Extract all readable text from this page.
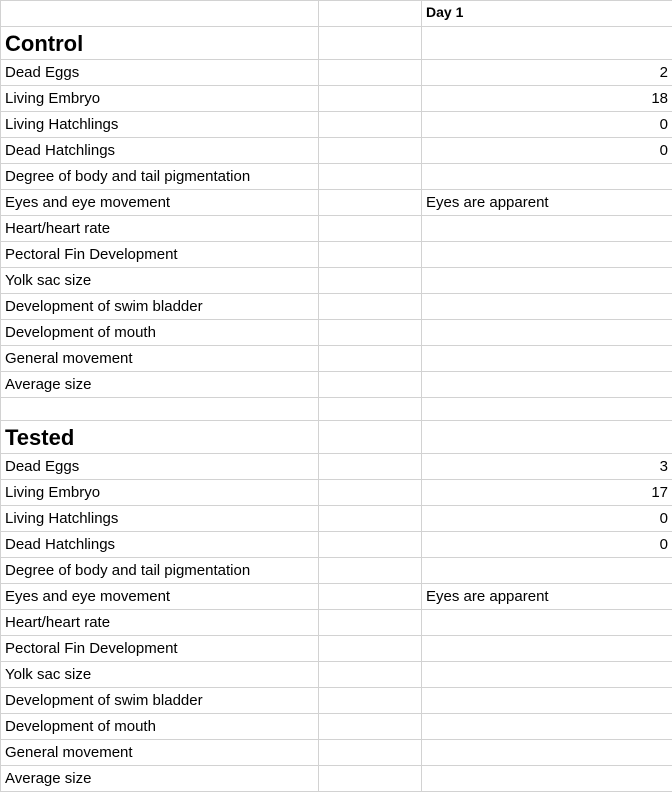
		Day 1
Control		
Dead Eggs		2
Living Embryo		18
Living Hatchlings		0
Dead Hatchlings		0
Degree of body and tail pigmentation		
Eyes and eye movement		Eyes are apparent
Heart/heart rate		
Pectoral Fin Development		
Yolk sac size		
Development of swim bladder		
Development of mouth		
General movement		
Average size		

Tested		
Dead Eggs		3
Living Embryo		17
Living Hatchlings		0
Dead Hatchlings		0
Degree of body and tail pigmentation		
Eyes and eye movement		Eyes are apparent
Heart/heart rate		
Pectoral Fin Development		
Yolk sac size		
Development of swim bladder		
Development of mouth		
General movement		
Average size		
